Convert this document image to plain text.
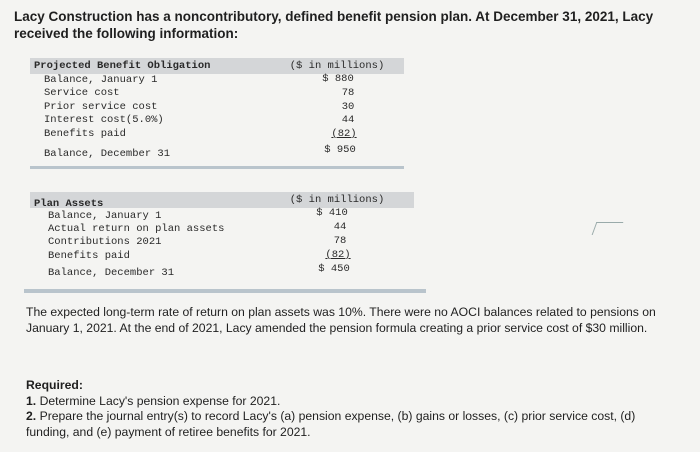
Lacy Construction has a noncontributory, defined benefit pension plan. At December 31, 2021, Lacy received the following information:
Projected Benefit Obligation	($ in millions)
Balance, January 1	$ 880
Service cost	78
Prior service cost	30
Interest cost(5.0%)	44
Benefits paid	(82)
Balance, December 31	$ 950
Plan Assets	($ in millions)
Balance, January 1	$ 410
Actual return on plan assets	44
Contributions 2021	78
Benefits paid	(82)
Balance, December 31	$ 450
The expected long-term rate of return on plan assets was 10%. There were no AOCI balances related to pensions on January 1, 2021. At the end of 2021, Lacy amended the pension formula creating a prior service cost of $30 million.
Required:
1. Determine Lacy's pension expense for 2021.
2. Prepare the journal entry(s) to record Lacy's (a) pension expense, (b) gains or losses, (c) prior service cost, (d) funding, and (e) payment of retiree benefits for 2021.
